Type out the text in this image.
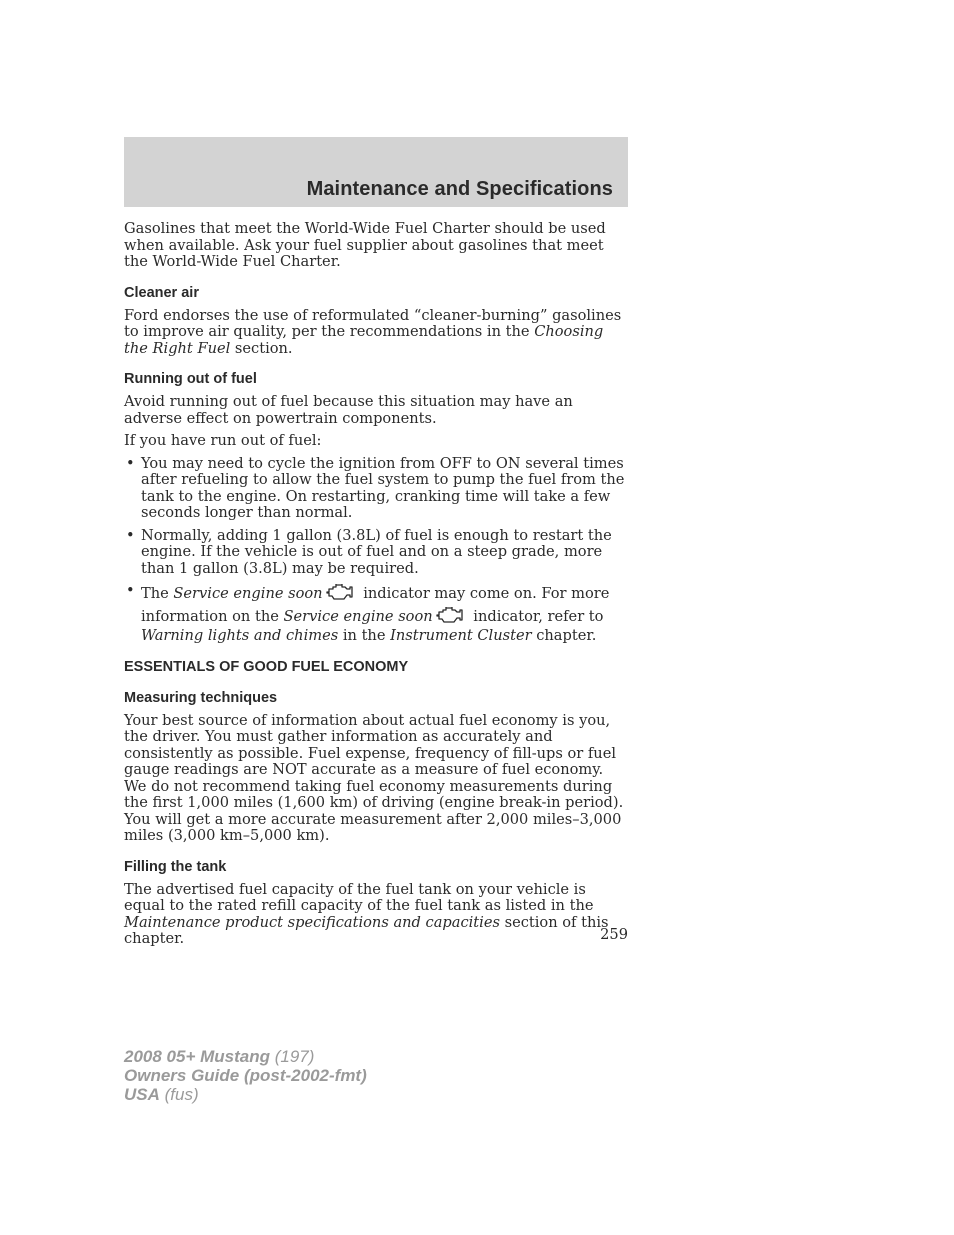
Maintenance and Specifications

Gasolines that meet the World-Wide Fuel Charter should be used when available. Ask your fuel supplier about gasolines that meet the World-Wide Fuel Charter.

Cleaner air

Ford endorses the use of reformulated “cleaner-burning” gasolines to improve air quality, per the recommendations in the Choosing the Right Fuel section.

Running out of fuel

Avoid running out of fuel because this situation may have an adverse effect on powertrain components.

If you have run out of fuel:

• You may need to cycle the ignition from OFF to ON several times after refueling to allow the fuel system to pump the fuel from the tank to the engine. On restarting, cranking time will take a few seconds longer than normal.
• Normally, adding 1 gallon (3.8L) of fuel is enough to restart the engine. If the vehicle is out of fuel and on a steep grade, more than 1 gallon (3.8L) may be required.
• The Service engine soon indicator may come on. For more information on the Service engine soon indicator, refer to Warning lights and chimes in the Instrument Cluster chapter.
ESSENTIALS OF GOOD FUEL ECONOMY
Measuring techniques

Your best source of information about actual fuel economy is you, the driver. You must gather information as accurately and consistently as possible. Fuel expense, frequency of fill-ups or fuel gauge readings are NOT accurate as a measure of fuel economy. We do not recommend taking fuel economy measurements during the first 1,000 miles (1,600 km) of driving (engine break-in period). You will get a more accurate measurement after 2,000 miles–3,000 miles (3,000 km–5,000 km).

Filling the tank

The advertised fuel capacity of the fuel tank on your vehicle is equal to the rated refill capacity of the fuel tank as listed in the Maintenance product specifications and capacities section of this chapter.	259
2008 05+ Mustang (197)
Owners Guide (post-2002-fmt)
USA (fus)
